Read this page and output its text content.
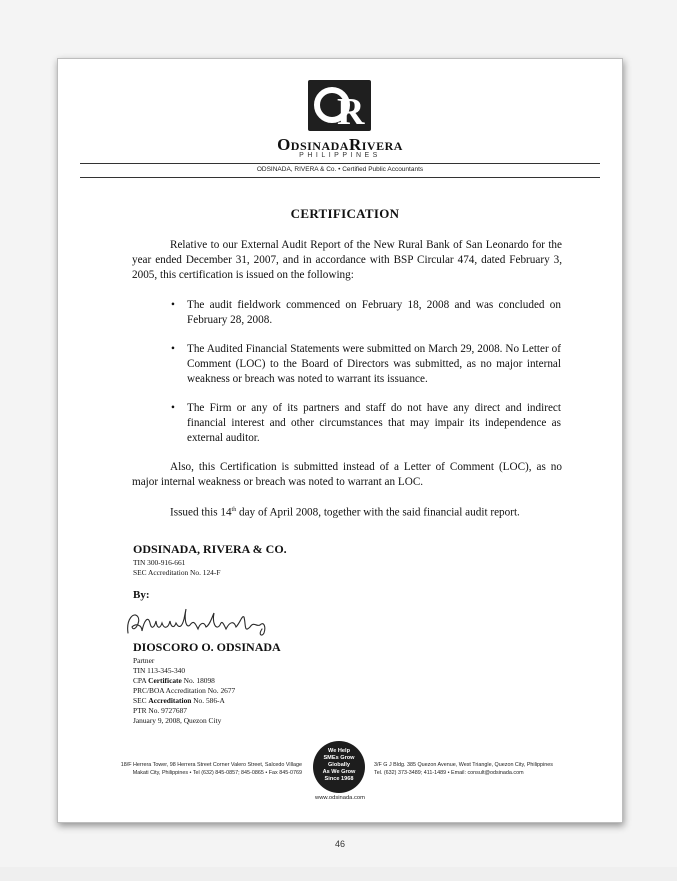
R
OdsinadaRivera
PHILIPPINES
ODSINADA, RIVERA & Co. • Certified Public Accountants
CERTIFICATION
Relative to our External Audit Report of the New Rural Bank of San Leonardo for the year ended December 31, 2007, and in accordance with BSP Circular 474, dated February 3, 2005, this certification is issued on the following:
• The audit fieldwork commenced on February 18, 2008 and was concluded on February 28, 2008.
• The Audited Financial Statements were submitted on March 29, 2008. No Letter of Comment (LOC) to the Board of Directors was submitted, as no major internal weakness or breach was noted to warrant its issuance.
• The Firm or any of its partners and staff do not have any direct and indirect financial interest and other circumstances that may impair its independence as external auditor.
Also, this Certification is submitted instead of a Letter of Comment (LOC), as no major internal weakness or breach was noted to warrant an LOC.
Issued this 14th day of April 2008, together with the said financial audit report.
ODSINADA, RIVERA & CO.
TIN 300-916-661
SEC Accreditation No. 124-F
By:
DIOSCORO O. ODSINADA
Partner
TIN 113-345-340
CPA Certificate No. 18098
PRC/BOA Accreditation No. 2677
SEC Accreditation No. 586-A
PTR No. 9727687
January 9, 2008, Quezon City
18/F Herrera Tower, 98 Herrera Street Corner Valero Street, Salcedo Village
Makati City, Philippines • Tel (632) 845-0857; 845-0865 • Fax 845-0769
We Help
SMEs Grow
Globally
As We Grow
Since 1968
3/F G J Bldg. 385 Quezon Avenue, West Triangle, Quezon City, Philippines
Tel. (632) 373-3489; 411-1489 • Email: consult@odsinada.com
www.odsinada.com
46
